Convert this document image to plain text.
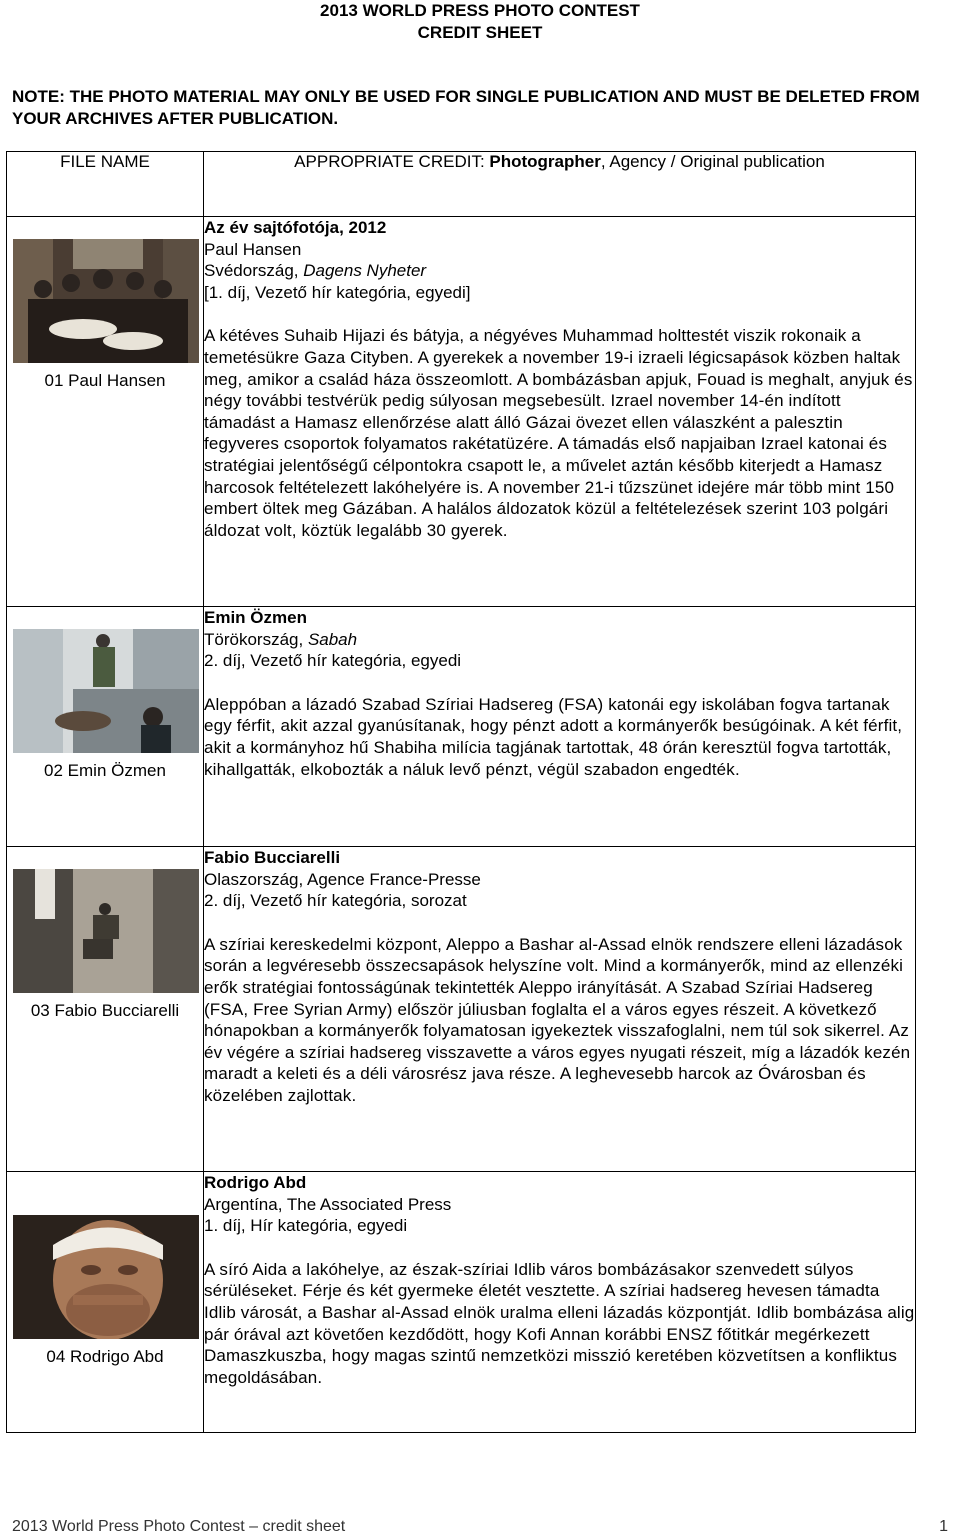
2013 WORLD PRESS PHOTO CONTEST
CREDIT SHEET
NOTE: THE PHOTO MATERIAL MAY ONLY BE USED FOR SINGLE PUBLICATION AND MUST BE DELETED FROM YOUR ARCHIVES AFTER PUBLICATION.
FILE NAME	APPROPRIATE CREDIT: Photographer, Agency / Original publication

01 Paul Hansen	Az év sajtófotója, 2012
Paul Hansen
Svédország, Dagens Nyheter
[1. díj, Vezető hír kategória, egyedi]
A kétéves Suhaib Hijazi és bátyja, a négyéves Muhammad holttestét viszik rokonaik a temetésükre Gaza Cityben. A gyerekek a november 19-i izraeli légicsapások közben haltak meg, amikor a család háza összeomlott. A bombázásban apjuk, Fouad is meghalt, anyjuk és négy további testvérük pedig súlyosan megsebesült. Izrael november 14-én indított támadást a Hamasz ellenőrzése alatt álló Gázai övezet ellen válaszként a palesztin fegyveres csoportok folyamatos rakétatüzére. A támadás első napjaiban Izrael katonai és stratégiai jelentőségű célpontokra csapott le, a művelet aztán később kiterjedt a Hamasz harcosok feltételezett lakóhelyére is. A november 21-i tűzszünet idejére már több mint 150 embert öltek meg Gázában. A halálos áldozatok közül a feltételezések szerint 103 polgári áldozat volt, köztük legalább 30 gyerek.

02 Emin Özmen	Emin Özmen
Törökország, Sabah
2. díj, Vezető hír kategória, egyedi
Aleppóban a lázadó Szabad Szíriai Hadsereg (FSA) katonái egy iskolában fogva tartanak egy férfit, akit azzal gyanúsítanak, hogy pénzt adott a kormányerők besúgóinak. A két férfit, akit a kormányhoz hű Shabiha milícia tagjának tartottak, 48 órán keresztül fogva tartották, kihallgatták, elkobozták a náluk levő pénzt, végül szabadon engedték.

03 Fabio Bucciarelli	Fabio Bucciarelli
Olaszország, Agence France-Presse
2. díj, Vezető hír kategória, sorozat
A szíriai kereskedelmi központ, Aleppo a Bashar al-Assad elnök rendszere elleni lázadások során a legvéresebb összecsapások helyszíne volt. Mind a kormányerők, mind az ellenzéki erők stratégiai fontosságúnak tekintették Aleppo irányítását. A Szabad Szíriai Hadsereg (FSA, Free Syrian Army) először júliusban foglalta el a város egyes részeit. A következő hónapokban a kormányerők folyamatosan igyekeztek visszafoglalni, nem túl sok sikerrel. Az év végére a szíriai hadsereg visszavette a város egyes nyugati részeit, míg a lázadók kezén maradt a keleti és a déli városrész java része. A leghevesebb harcok az Óvárosban és közelében zajlottak.

04 Rodrigo Abd	Rodrigo Abd
Argentína, The Associated Press
1. díj, Hír kategória, egyedi
A síró Aida a lakóhelye, az észak-szíriai Idlib város bombázásakor szenvedett súlyos sérüléseket. Férje és két gyermeke életét vesztette. A szíriai hadsereg hevesen támadta Idlib városát, a Bashar al-Assad elnök uralma elleni lázadás központját. Idlib bombázása alig pár órával azt követően kezdődött, hogy Kofi Annan korábbi ENSZ főtitkár megérkezett Damaszkuszba, hogy magas szintű nemzetközi misszió keretében közvetítsen a konfliktus megoldásában.
2013 World Press Photo Contest – credit sheet	1
